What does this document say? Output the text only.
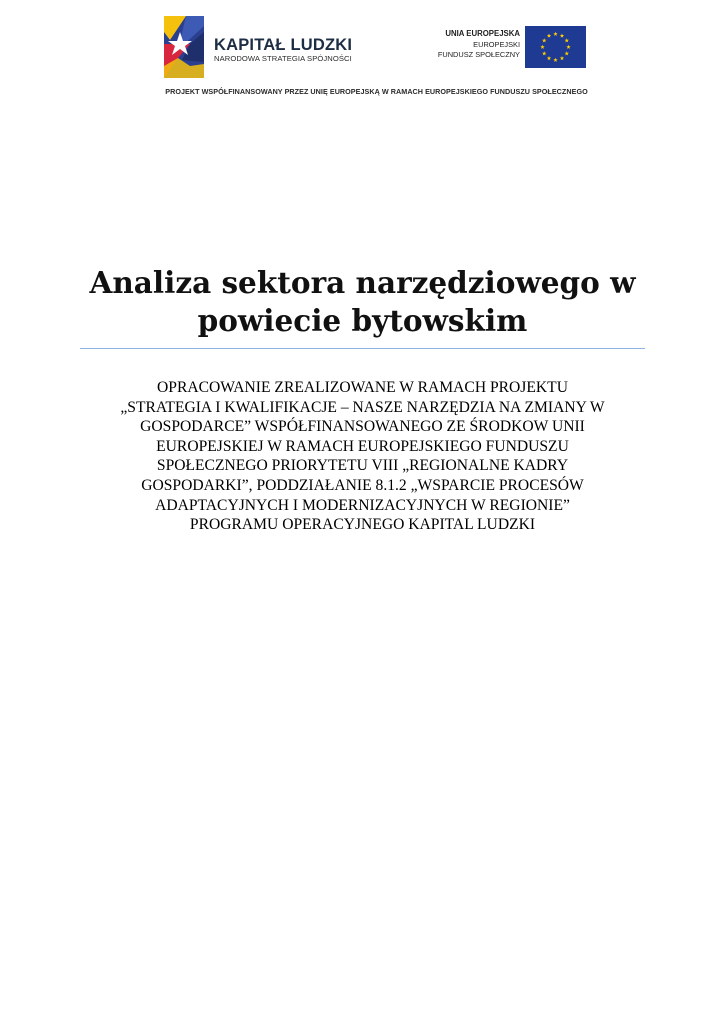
KAPITAŁ LUDZKI
NARODOWA STRATEGIA SPÓJNOŚCI
UNIA EUROPEJSKA
EUROPEJSKI
FUNDUSZ SPOŁECZNY
PROJEKT WSPÓŁFINANSOWANY PRZEZ UNIĘ EUROPEJSKĄ W RAMACH EUROPEJSKIEGO FUNDUSZU SPOŁECZNEGO
Analiza sektora narzędziowego w
powiecie bytowskim
OPRACOWANIE ZREALIZOWANE W RAMACH PROJEKTU
„STRATEGIA I KWALIFIKACJE – NASZE NARZĘDZIA NA ZMIANY W
GOSPODARCE” WSPÓŁFINANSOWANEGO ZE ŚRODKOW UNII
EUROPEJSKIEJ W RAMACH EUROPEJSKIEGO FUNDUSZU
SPOŁECZNEGO PRIORYTETU VIII „REGIONALNE KADRY
GOSPODARKI”, PODDZIAŁANIE 8.1.2 „WSPARCIE PROCESÓW
ADAPTACYJNYCH I MODERNIZACYJNYCH W REGIONIE”
PROGRAMU OPERACYJNEGO KAPITAL LUDZKI
